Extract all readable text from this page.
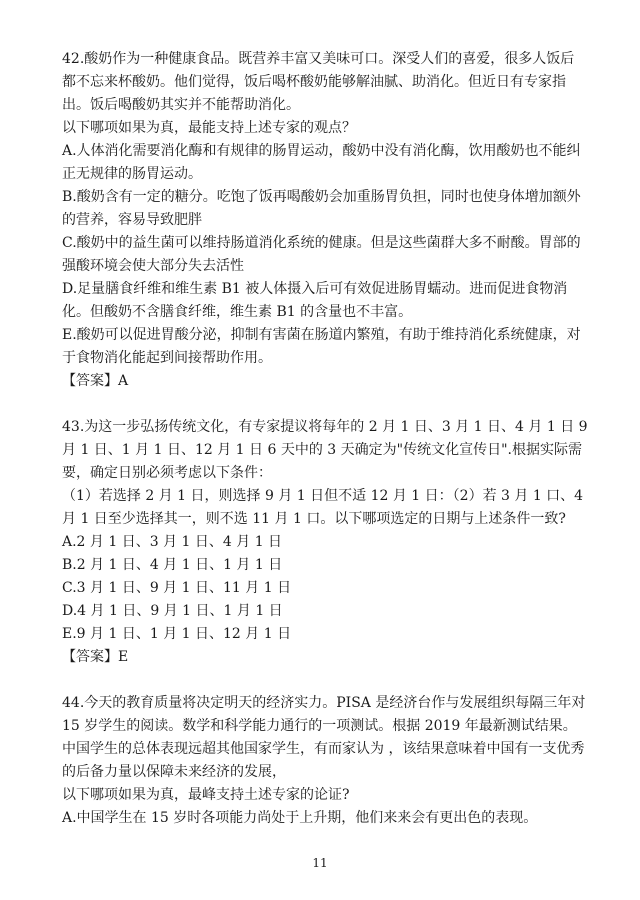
42.酸奶作为一种健康食品。既营养丰富又美味可口。深受人们的喜爱，很多人饭后都不忘来杯酸奶。他们觉得，饭后喝杯酸奶能够解油腻、助消化。但近日有专家指出。饭后喝酸奶其实并不能帮助消化。

以下哪项如果为真，最能支持上述专家的观点？

A.人体消化需要消化酶和有规律的肠胃运动，酸奶中没有消化酶，饮用酸奶也不能纠正无规律的肠胃运动。

B.酸奶含有一定的糖分。吃饱了饭再喝酸奶会加重肠胃负担，同时也使身体增加额外的营养，容易导致肥胖

C.酸奶中的益生菌可以维持肠道消化系统的健康。但是这些菌群大多不耐酸。胃部的强酸环境会使大部分失去活性

D.足量膳食纤维和维生素 B1 被人体摄入后可有效促进肠胃蠕动。进而促进食物消化。但酸奶不含膳食纤维，维生素 B1 的含量也不丰富。

E.酸奶可以促进胃酸分泌，抑制有害菌在肠道内繁殖，有助于维持消化系统健康，对于食物消化能起到间接帮助作用。

【答案】A

43.为这一步弘扬传统文化，有专家提议将每年的 2 月 1 日、3 月 1 日、4 月 1 日 9 月 1 日、1 月 1 日、12 月 1 日 6 天中的 3 天确定为"传统文化宣传日".根据实际需要，确定日别必须考虑以下条件：

（1）若选择 2 月 1 日，则选择 9 月 1 日但不适 12 月 1 日：（2）若 3 月 1 口、4 月 1 日至少选择其一，则不选 11 月 1 口。以下哪项选定的日期与上述条件一致?

A.2 月 1 日、3 月 1 日、4 月 1 日

B.2 月 1 日、4 月 1 日、1 月 1 日

C.3 月 1 日、9 月 1 日、11 月 1 日

D.4 月 1 日、9 月 1 日、1 月 1 日

E.9 月 1 日、1 月 1 日、12 月 1 日

【答案】E

44.今天的教育质量将决定明天的经济实力。PISA 是经济台作与发展组织每隔三年对 15 岁学生的阅读。数学和科学能力通行的一项测试。根据 2019 年最新测试结果。中国学生的总体表现远超其他国家学生，有而家认为 ，该结果意味着中国有一支优秀的后备力量以保障未来经济的发展，

以下哪项如果为真，最峰支持土述专家的论证?

A.中国学生在 15 岁时各项能力尚处于上升期，他们来来会有更出色的表现。

11
